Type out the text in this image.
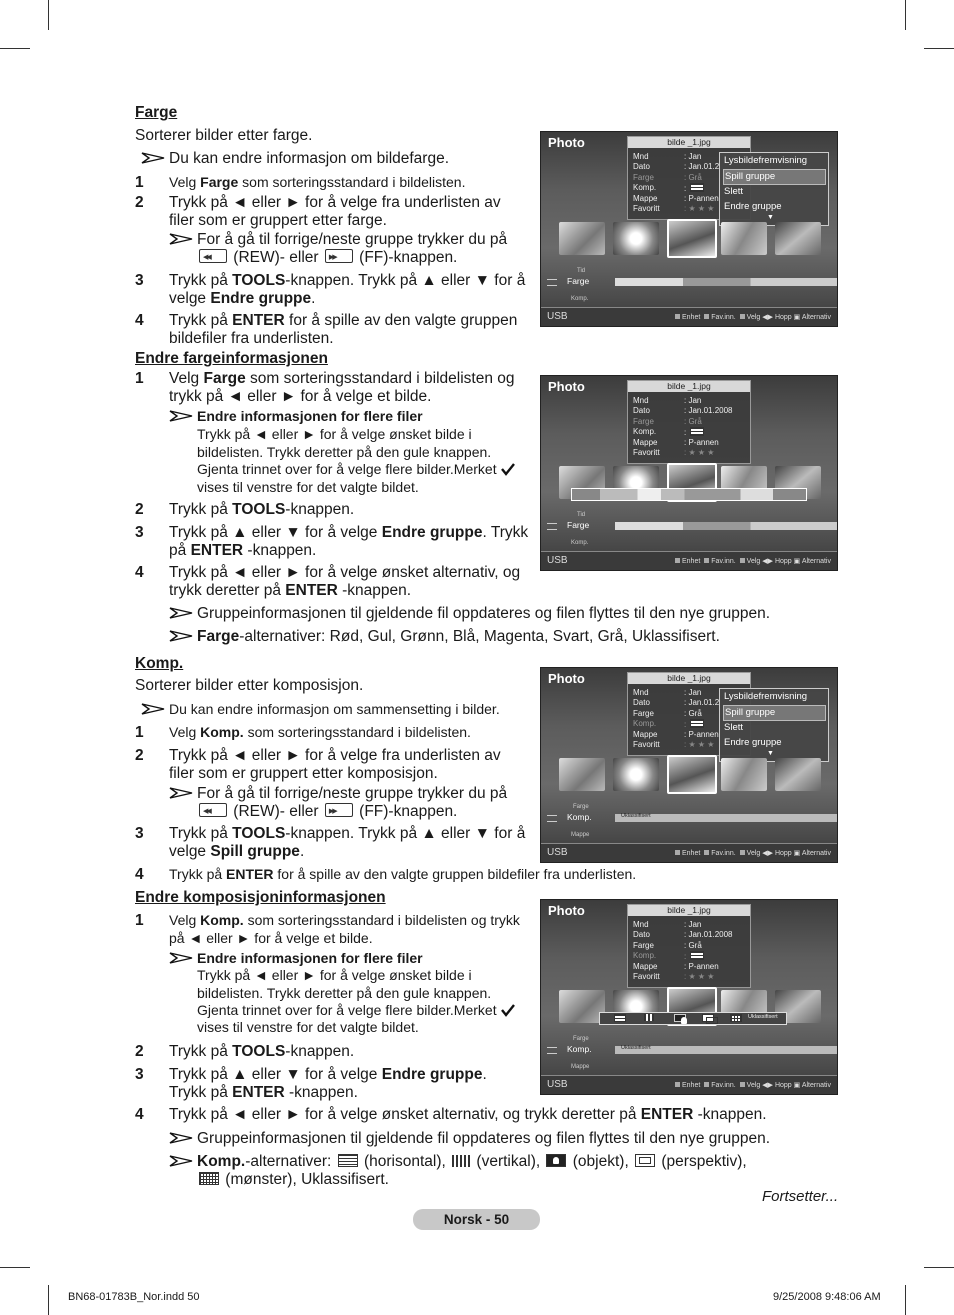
Farge
Sorterer bilder etter farge.
Du kan endre informasjon om bildefarge.
1 Velg Farge som sorteringsstandard i bildelisten.
2 Trykk på ◄ eller ► for å velge fra underlisten av
filer som er gruppert etter farge.
For å gå til forrige/neste gruppe trykker du på
◀◀ (REW)- eller ▶▶ (FF)-knappen.
3 Trykk på TOOLS-knappen. Trykk på ▲ eller ▼ for å
velge Endre gruppe.
4 Trykk på ENTER for å spille av den valgte gruppen
bildefiler fra underlisten.
Endre fargeinformasjonen
1 Velg Farge som sorteringsstandard i bildelisten og
trykk på ◄ eller ► for å velge et bilde.
Endre informasjonen for flere filer
Trykk på ◄ eller ► for å velge ønsket bilde i
bildelisten. Trykk deretter på den gule knappen.
Gjenta trinnet over for å velge flere bilder.Merket
vises til venstre for det valgte bildet.
2 Trykk på TOOLS-knappen.
3 Trykk på ▲ eller ▼ for å velge Endre gruppe. Trykk
på ENTER -knappen.
4 Trykk på ◄ eller ► for å velge ønsket alternativ, og
trykk deretter på ENTER -knappen.
Gruppeinformasjonen til gjeldende fil oppdateres og filen flyttes til den nye gruppen.
Farge-alternativer: Rød, Gul, Grønn, Blå, Magenta, Svart, Grå, Uklassifisert.
Komp.
Sorterer bilder etter komposisjon.
Du kan endre informasjon om sammensetting i bilder.
1 Velg Komp. som sorteringsstandard i bildelisten.
2 Trykk på ◄ eller ► for å velge fra underlisten av
filer som er gruppert etter komposisjon.
For å gå til forrige/neste gruppe trykker du på
◀◀ (REW)- eller ▶▶ (FF)-knappen.
3 Trykk på TOOLS-knappen. Trykk på ▲ eller ▼ for å
velge Spill gruppe.
4 Trykk på ENTER for å spille av den valgte gruppen bildefiler fra underlisten.
Endre komposisjoninformasjonen
1 Velg Komp. som sorteringsstandard i bildelisten og trykk
på ◄ eller ► for å velge et bilde.
Endre informasjonen for flere filer
Trykk på ◄ eller ► for å velge ønsket bilde i
bildelisten. Trykk deretter på den gule knappen.
Gjenta trinnet over for å velge flere bilder.Merket
vises til venstre for det valgte bildet.
2 Trykk på TOOLS-knappen.
3 Trykk på ▲ eller ▼ for å velge Endre gruppe.
Trykk på ENTER -knappen.
4 Trykk på ◄ eller ► for å velge ønsket alternativ, og trykk deretter på ENTER -knappen.
Gruppeinformasjonen til gjeldende fil oppdateres og filen flyttes til den nye gruppen.
Komp.-alternativer:  (horisontal),  (vertikal),  (objekt),  (perspektiv),
(mønster), Uklassifisert.
Photo	bilde _1.jpg
Mnd	: Jan
Dato	: Jan.01.2
Farge	: Grå
Komp.	:
Mappe	: P-annen
Favoritt	: ★ ★ ★
Lysbildefremvisning
Spill gruppe
Slett
Endre gruppe
▼
Tid
Farge
Komp.
USB	Enhet Fav.inn. Velg ◀▶ Hopp ▣ Alternativ
Photo	bilde _1.jpg
Mnd	: Jan
Dato	: Jan.01.2008
Farge	: Grå
Komp.	:
Mappe	: P-annen
Favoritt	: ★ ★ ★
Tid
Farge
Komp.
USB	Enhet Fav.inn. Velg ◀▶ Hopp ▣ Alternativ
Photo	bilde _1.jpg
Mnd	: Jan
Dato	: Jan.01.2
Farge	: Grå
Komp.	:
Mappe	: P-annen
Favoritt	: ★ ★ ★
Lysbildefremvisning
Spill gruppe
Slett
Endre gruppe
▼
Farge
Komp.	Uklassifisert
Mappe
USB	Enhet Fav.inn. Velg ◀▶ Hopp ▣ Alternativ
Photo	bilde _1.jpg
Mnd	: Jan
Dato	: Jan.01.2008
Farge	: Grå
Komp.	:
Mappe	: P-annen
Favoritt	: ★ ★ ★
Uklassifisert
Farge
Komp.	Uklassifisert
Mappe
USB	Enhet Fav.inn. Velg ◀▶ Hopp ▣ Alternativ
Fortsetter...
Norsk - 50
BN68-01783B_Nor.indd 50	9/25/2008 9:48:06 AM
